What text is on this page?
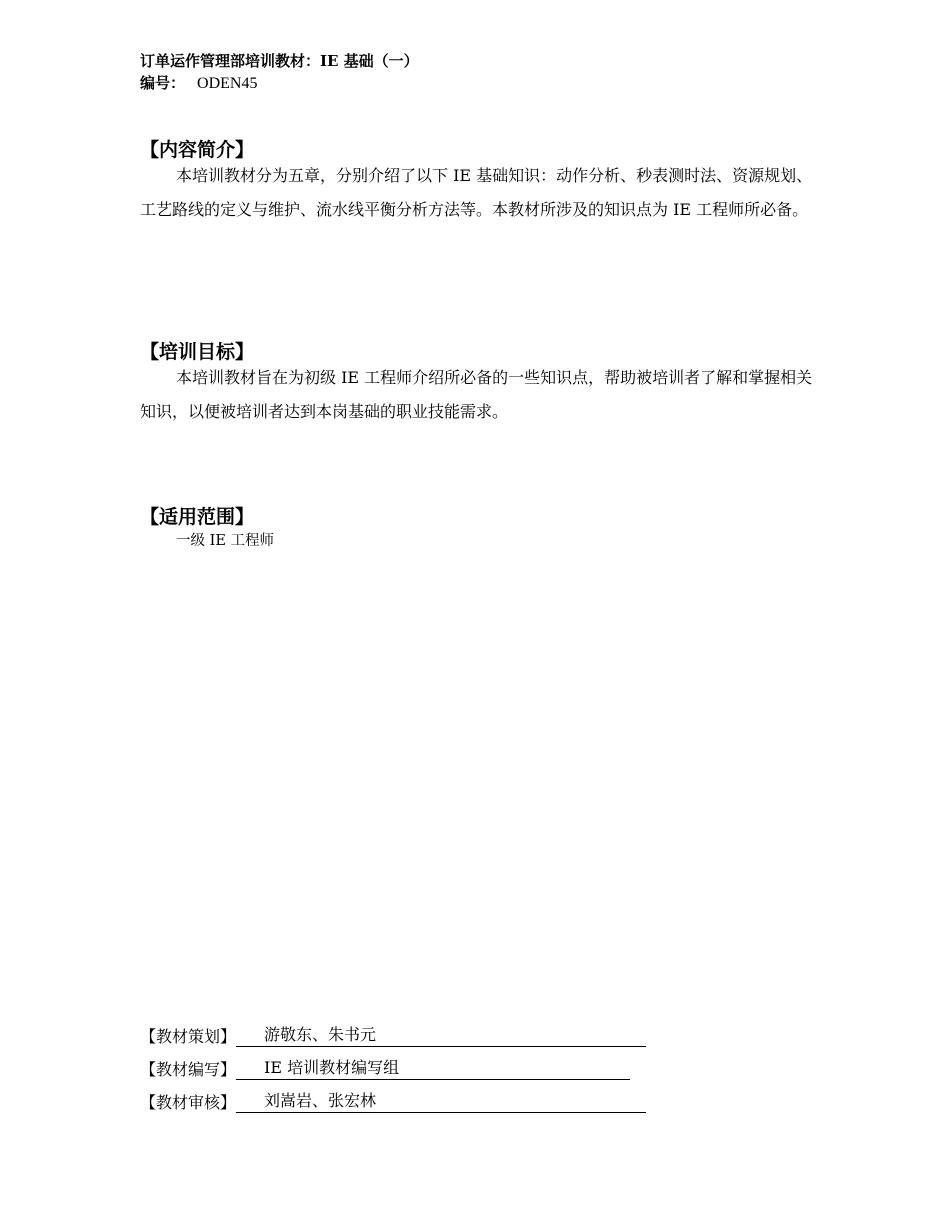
订单运作管理部培训教材：IE 基础（一）
编号： ODEN45
【内容简介】

本培训教材分为五章，分别介绍了以下 IE 基础知识：动作分析、秒表测时法、资源规划、工艺路线的定义与维护、流水线平衡分析方法等。本教材所涉及的知识点为 IE 工程师所必备。

【培训目标】

本培训教材旨在为初级 IE 工程师介绍所必备的一些知识点，帮助被培训者了解和掌握相关知识，以便被培训者达到本岗基础的职业技能需求。

【适用范围】

一级 IE 工程师

【教材策划】	游敬东、朱书元
【教材编写】	IE 培训教材编写组
【教材审核】	刘嵩岩、张宏林
